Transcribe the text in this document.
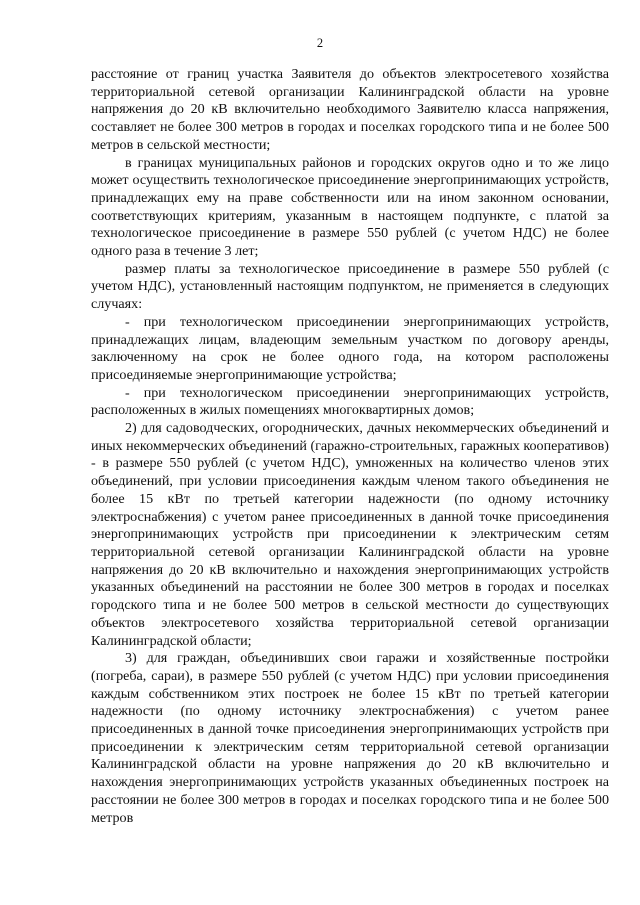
2

расстояние от границ участка Заявителя до объектов электросетевого хозяйства территориальной сетевой организации Калининградской области на уровне напряжения до 20 кВ включительно необходимого Заявителю класса напряжения, составляет не более 300 метров в городах и поселках городского типа и не более 500 метров в сельской местности;

в границах муниципальных районов и городских округов одно и то же лицо может осуществить технологическое присоединение энергопринимающих устройств, принадлежащих ему на праве собственности или на ином законном основании, соответствующих критериям, указанным в настоящем подпункте, с платой за технологическое присоединение в размере 550 рублей (с учетом НДС) не более одного раза в течение 3 лет;

размер платы за технологическое присоединение в размере 550 рублей (с учетом НДС), установленный настоящим подпунктом, не применяется в следующих случаях:

- при технологическом присоединении энергопринимающих устройств, принадлежащих лицам, владеющим земельным участком по договору аренды, заключенному на срок не более одного года, на котором расположены присоединяемые энергопринимающие устройства;

- при технологическом присоединении энергопринимающих устройств, расположенных в жилых помещениях многоквартирных домов;

2) для садоводческих, огороднических, дачных некоммерческих объединений и иных некоммерческих объединений (гаражно-строительных, гаражных кооперативов) - в размере 550 рублей (с учетом НДС), умноженных на количество членов этих объединений, при условии присоединения каждым членом такого объединения не более 15 кВт по третьей категории надежности (по одному источнику электроснабжения) с учетом ранее присоединенных в данной точке присоединения энергопринимающих устройств при присоединении к электрическим сетям территориальной сетевой организации Калининградской области на уровне напряжения до 20 кВ включительно и нахождения энергопринимающих устройств указанных объединений на расстоянии не более 300 метров в городах и поселках городского типа и не более 500 метров в сельской местности до существующих объектов электросетевого хозяйства территориальной сетевой организации Калининградской области;

3) для граждан, объединивших свои гаражи и хозяйственные постройки (погреба, сараи), в размере 550 рублей (с учетом НДС) при условии присоединения каждым собственником этих построек не более 15 кВт по третьей категории надежности (по одному источнику электроснабжения) с учетом ранее присоединенных в данной точке присоединения энергопринимающих устройств при присоединении к электрическим сетям территориальной сетевой организации Калининградской области на уровне напряжения до 20 кВ включительно и нахождения энергопринимающих устройств указанных объединенных построек на расстоянии не более 300 метров в городах и поселках городского типа и не более 500 метров
